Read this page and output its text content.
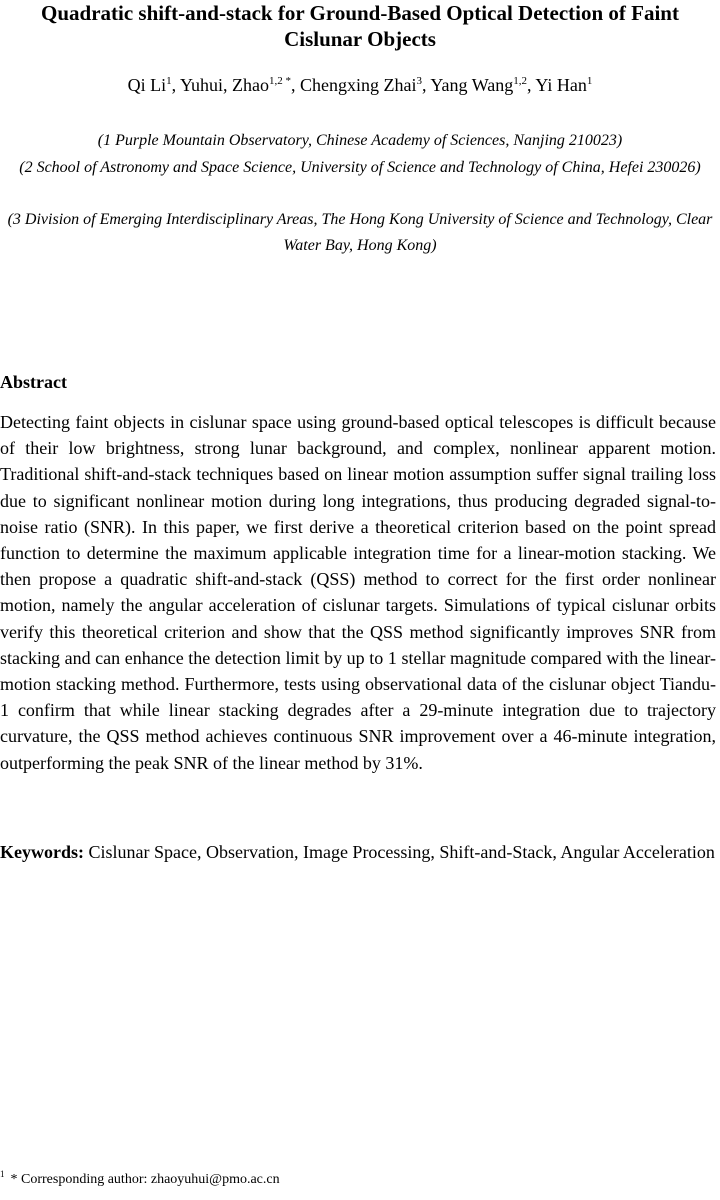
Quadratic shift-and-stack for Ground-Based Optical Detection of Faint Cislunar Objects

Qi Li$^1$, Yuhui, Zhao$^{1,2 *}$, Chengxing Zhai$^3$, Yang Wang$^{1,2}$, Yi Han$^1$

(1 Purple Mountain Observatory, Chinese Academy of Sciences, Nanjing 210023)

(2 School of Astronomy and Space Science, University of Science and Technology of China, Hefei 230026)

(3 Division of Emerging Interdisciplinary Areas, The Hong Kong University of Science and Technology, Clear Water Bay, Hong Kong)

Abstract

Detecting faint objects in cislunar space using ground-based optical telescopes is difficult because of their low brightness, strong lunar background, and complex, nonlinear apparent motion. Traditional shift-and-stack techniques based on linear motion assumption suffer signal trailing loss due to significant nonlinear motion during long integrations, thus producing degraded signal-to-noise ratio (SNR). In this paper, we first derive a theoretical criterion based on the point spread function to determine the maximum applicable integration time for a linear-motion stacking. We then propose a quadratic shift-and-stack (QSS) method to correct for the first order nonlinear motion, namely the angular acceleration of cislunar targets. Simulations of typical cislunar orbits verify this theoretical criterion and show that the QSS method significantly improves SNR from stacking and can enhance the detection limit by up to 1 stellar magnitude compared with the linear-motion stacking method. Furthermore, tests using observational data of the cislunar object Tiandu-1 confirm that while linear stacking degrades after a 29-minute integration due to trajectory curvature, the QSS method achieves continuous SNR improvement over a 46-minute integration, outperforming the peak SNR of the linear method by 31%.

Keywords: Cislunar Space, Observation, Image Processing, Shift-and-Stack, Angular Acceleration

$^1$ * Corresponding author: zhaoyuhui@pmo.ac.cn
